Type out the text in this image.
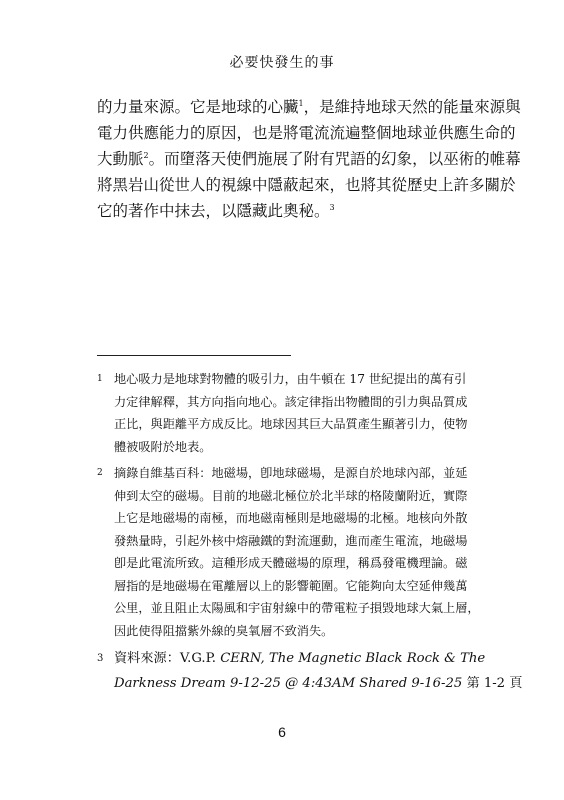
必要快發生的事
的力量來源。它是地球的心臟$^1$，是維持地球天然的能量來源與
電力供應能力的原因，也是將電流流遍整個地球並供應生命的
大動脈$^2$。而墮落天使們施展了附有咒語的幻象，以巫術的帷幕
將黑岩山從世人的視線中隱蔽起來，也將其從歷史上許多關於
它的著作中抹去，以隱藏此奧秘。$^3$
1 地心吸力是地球對物體的吸引力，由牛頓在 17 世紀提出的萬有引
力定律解釋，其方向指向地心。該定律指出物體間的引力與品質成
正比，與距離平方成反比。地球因其巨大品質產生顯著引力，使物
體被吸附於地表。
2 摘錄自維基百科：地磁場，卽地球磁場，是源自於地球內部，並延
伸到太空的磁場。目前的地磁北極位於北半球的格陵蘭附近，實際
上它是地磁場的南極，而地磁南極則是地磁場的北極。地核向外散
發熱量時，引起外核中熔融鐵的對流運動，進而產生電流，地磁場
卽是此電流所致。這種形成天體磁場的原理，稱爲發電機理論。磁
層指的是地磁場在電離層以上的影響範圍。它能夠向太空延伸幾萬
公里，並且阻止太陽風和宇宙射線中的帶電粒子損毀地球大氣上層，
因此使得阻擋紫外線的臭氧層不致消失。
3 資料來源：V.G.P. CERN, The Magnetic Black Rock & The
Darkness Dream 9-12-25 @ 4:43AM Shared 9-16-25 第 1-2 頁
6
